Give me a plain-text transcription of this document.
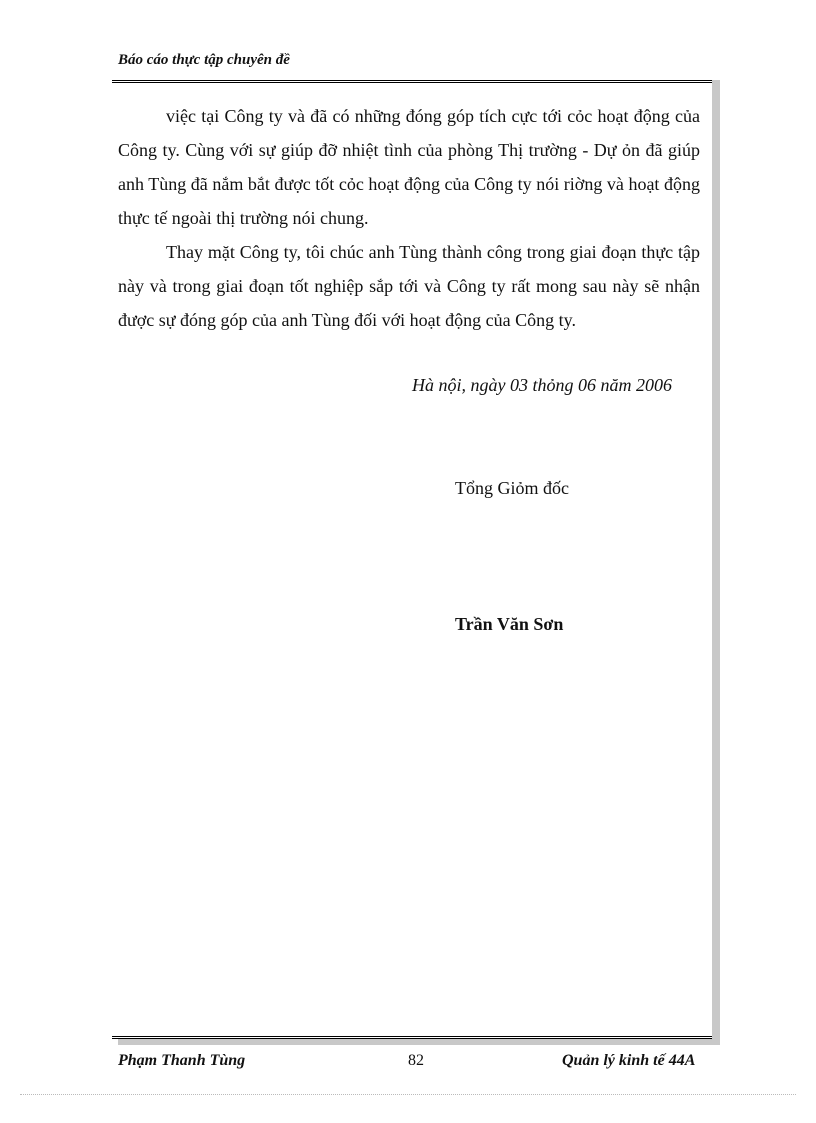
Báo cáo thực tập chuyên đề

việc tại Công ty và đã có những đóng góp tích cực tới cỏc hoạt động của Công ty. Cùng với sự giúp đỡ nhiệt tình của phòng Thị trường - Dự ỏn đã giúp anh Tùng đã nắm bắt được tốt cỏc hoạt động của Công ty nói riờng và hoạt động thực tế ngoài thị trường nói chung.

Thay mặt Công ty, tôi chúc anh Tùng thành công trong giai đoạn thực tập này và trong giai đoạn tốt nghiệp sắp tới và Công ty rất mong sau này sẽ nhận được sự đóng góp của anh Tùng đối với hoạt động của Công ty.

Hà nội, ngày 03 thỏng 06 năm 2006
Tổng Giỏm đốc
Trần Văn Sơn
Phạm Thanh Tùng	82	Quản lý kinh tế 44A
